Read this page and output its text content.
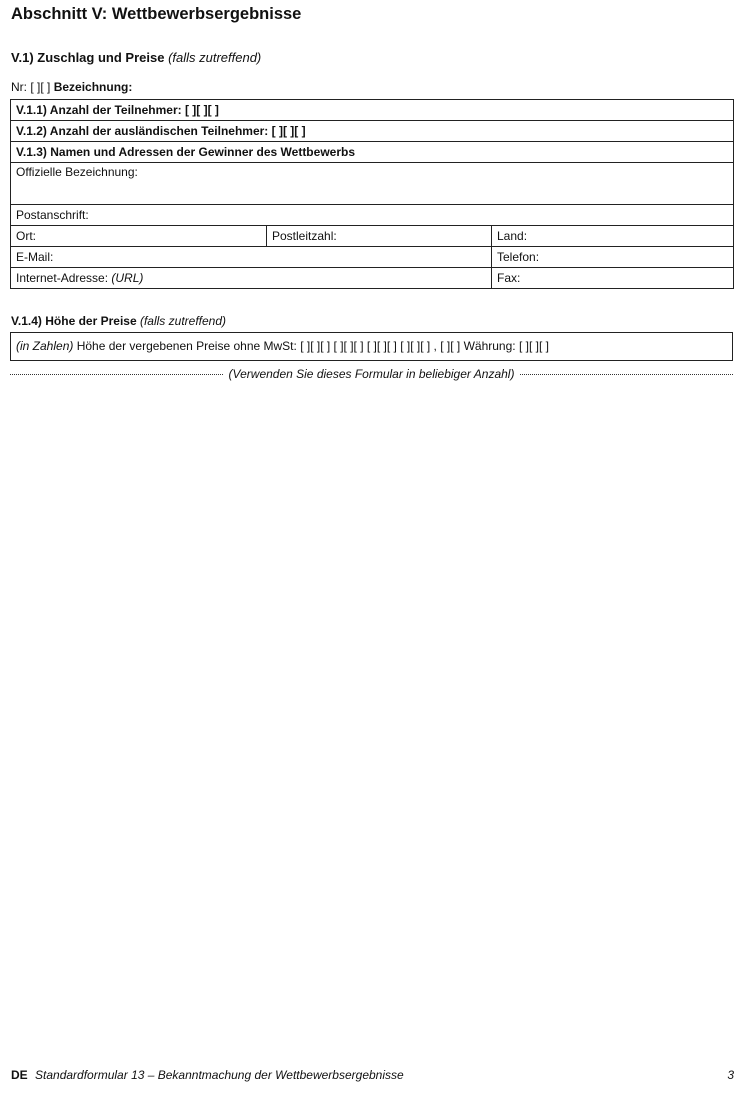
Abschnitt V: Wettbewerbsergebnisse
V.1) Zuschlag und Preise (falls zutreffend)
Nr: [ ][ ] Bezeichnung:
V.1.1) Anzahl der Teilnehmer: [ ][ ][ ]		
V.1.2) Anzahl der ausländischen Teilnehmer: [ ][ ][ ]		
V.1.3) Namen und Adressen der Gewinner des Wettbewerbs		
Offizielle Bezeichnung:		
Postanschrift:		
Ort:	Postleitzahl:	Land:
E-Mail:		Telefon:
Internet-Adresse: (URL)		Fax:
V.1.4) Höhe der Preise (falls zutreffend)
(in Zahlen) Höhe der vergebenen Preise ohne MwSt: [ ][ ][ ] [ ][ ][ ] [ ][ ][ ] [ ][ ][ ] , [ ][ ] Währung: [ ][ ][ ]
(Verwenden Sie dieses Formular in beliebiger Anzahl)
DE Standardformular 13 – Bekanntmachung der Wettbewerbsergebnisse	3
